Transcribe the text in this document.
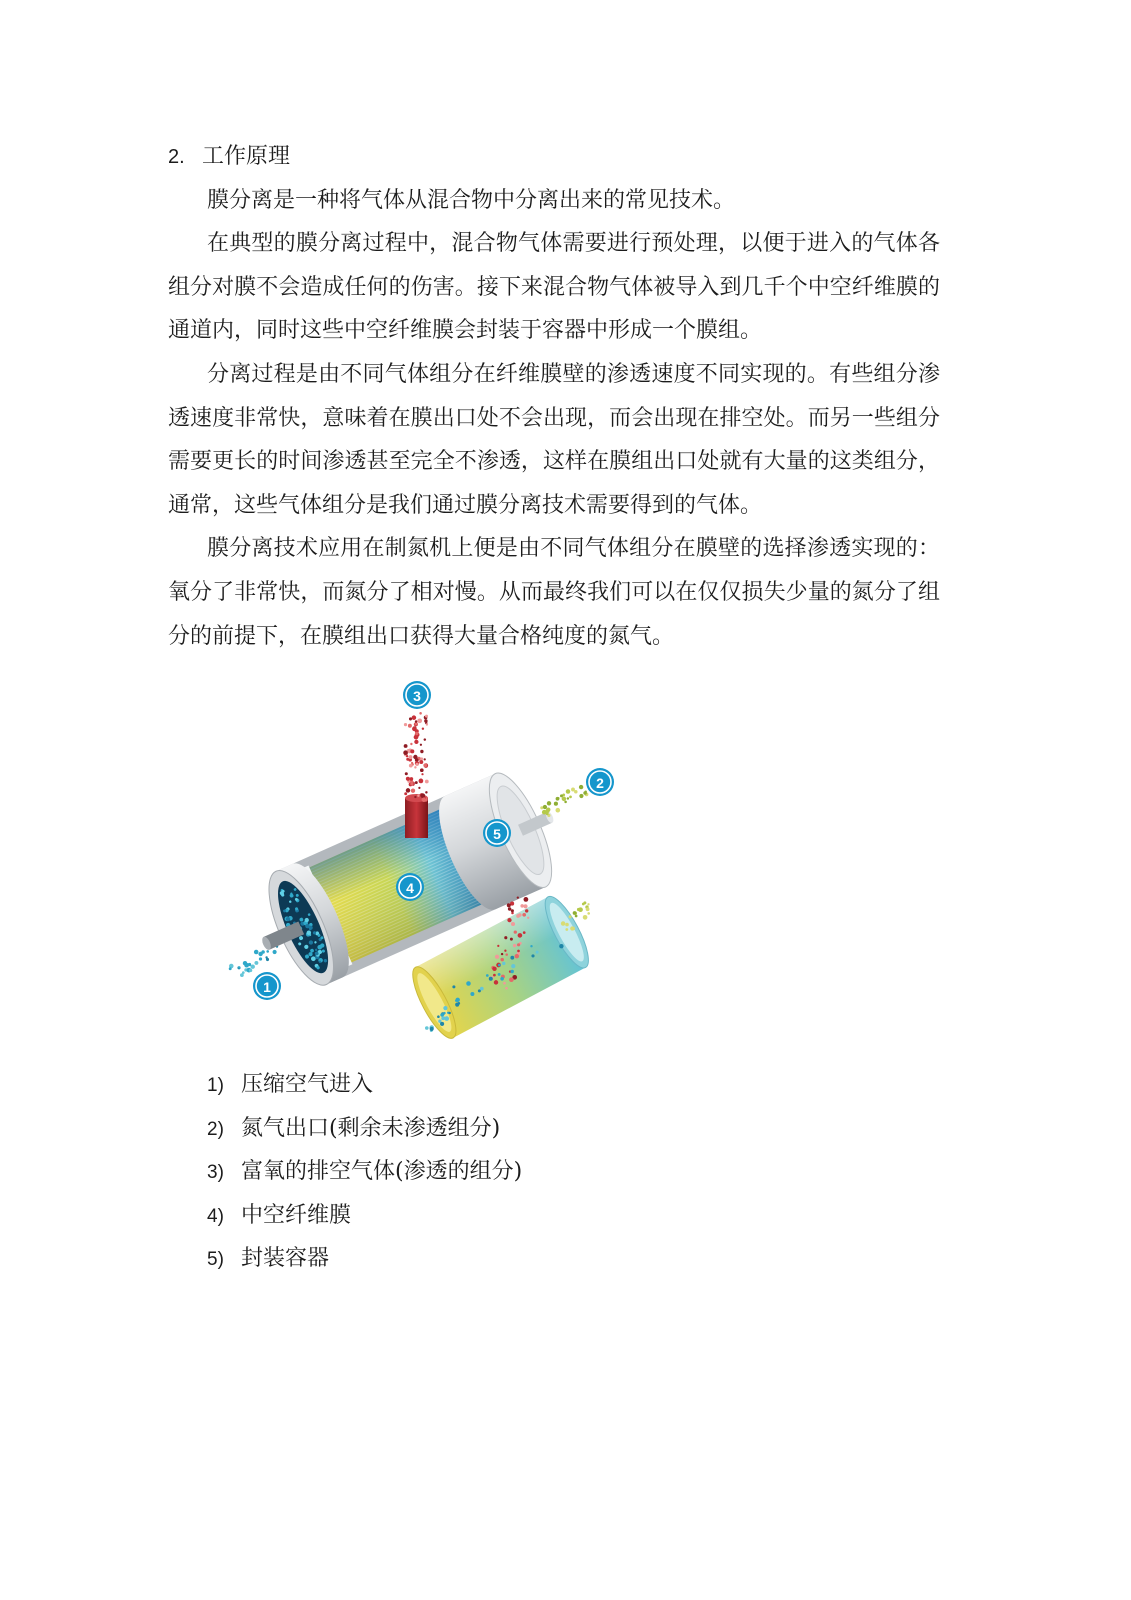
2. 工作原理
膜分离是一种将气体从混合物中分离出来的常见技术。
在典型的膜分离过程中，混合物气体需要进行预处理，以便于进入的气体各
组分对膜不会造成任何的伤害。接下来混合物气体被导入到几千个中空纤维膜的
通道内，同时这些中空纤维膜会封装于容器中形成一个膜组。
分离过程是由不同气体组分在纤维膜壁的渗透速度不同实现的。有些组分渗
透速度非常快，意味着在膜出口处不会出现，而会出现在排空处。而另一些组分
需要更长的时间渗透甚至完全不渗透，这样在膜组出口处就有大量的这类组分，
通常，这些气体组分是我们通过膜分离技术需要得到的气体。
膜分离技术应用在制氮机上便是由不同气体组分在膜壁的选择渗透实现的：
氧分了非常快，而氮分了相对慢。从而最终我们可以在仅仅损失少量的氮分了组
分的前提下，在膜组出口获得大量合格纯度的氮气。
3
2
5
4
1
1) 压缩空气进入
2) 氮气出口(剩余未渗透组分)
3) 富氧的排空气体(渗透的组分)
4) 中空纤维膜
5) 封装容器
